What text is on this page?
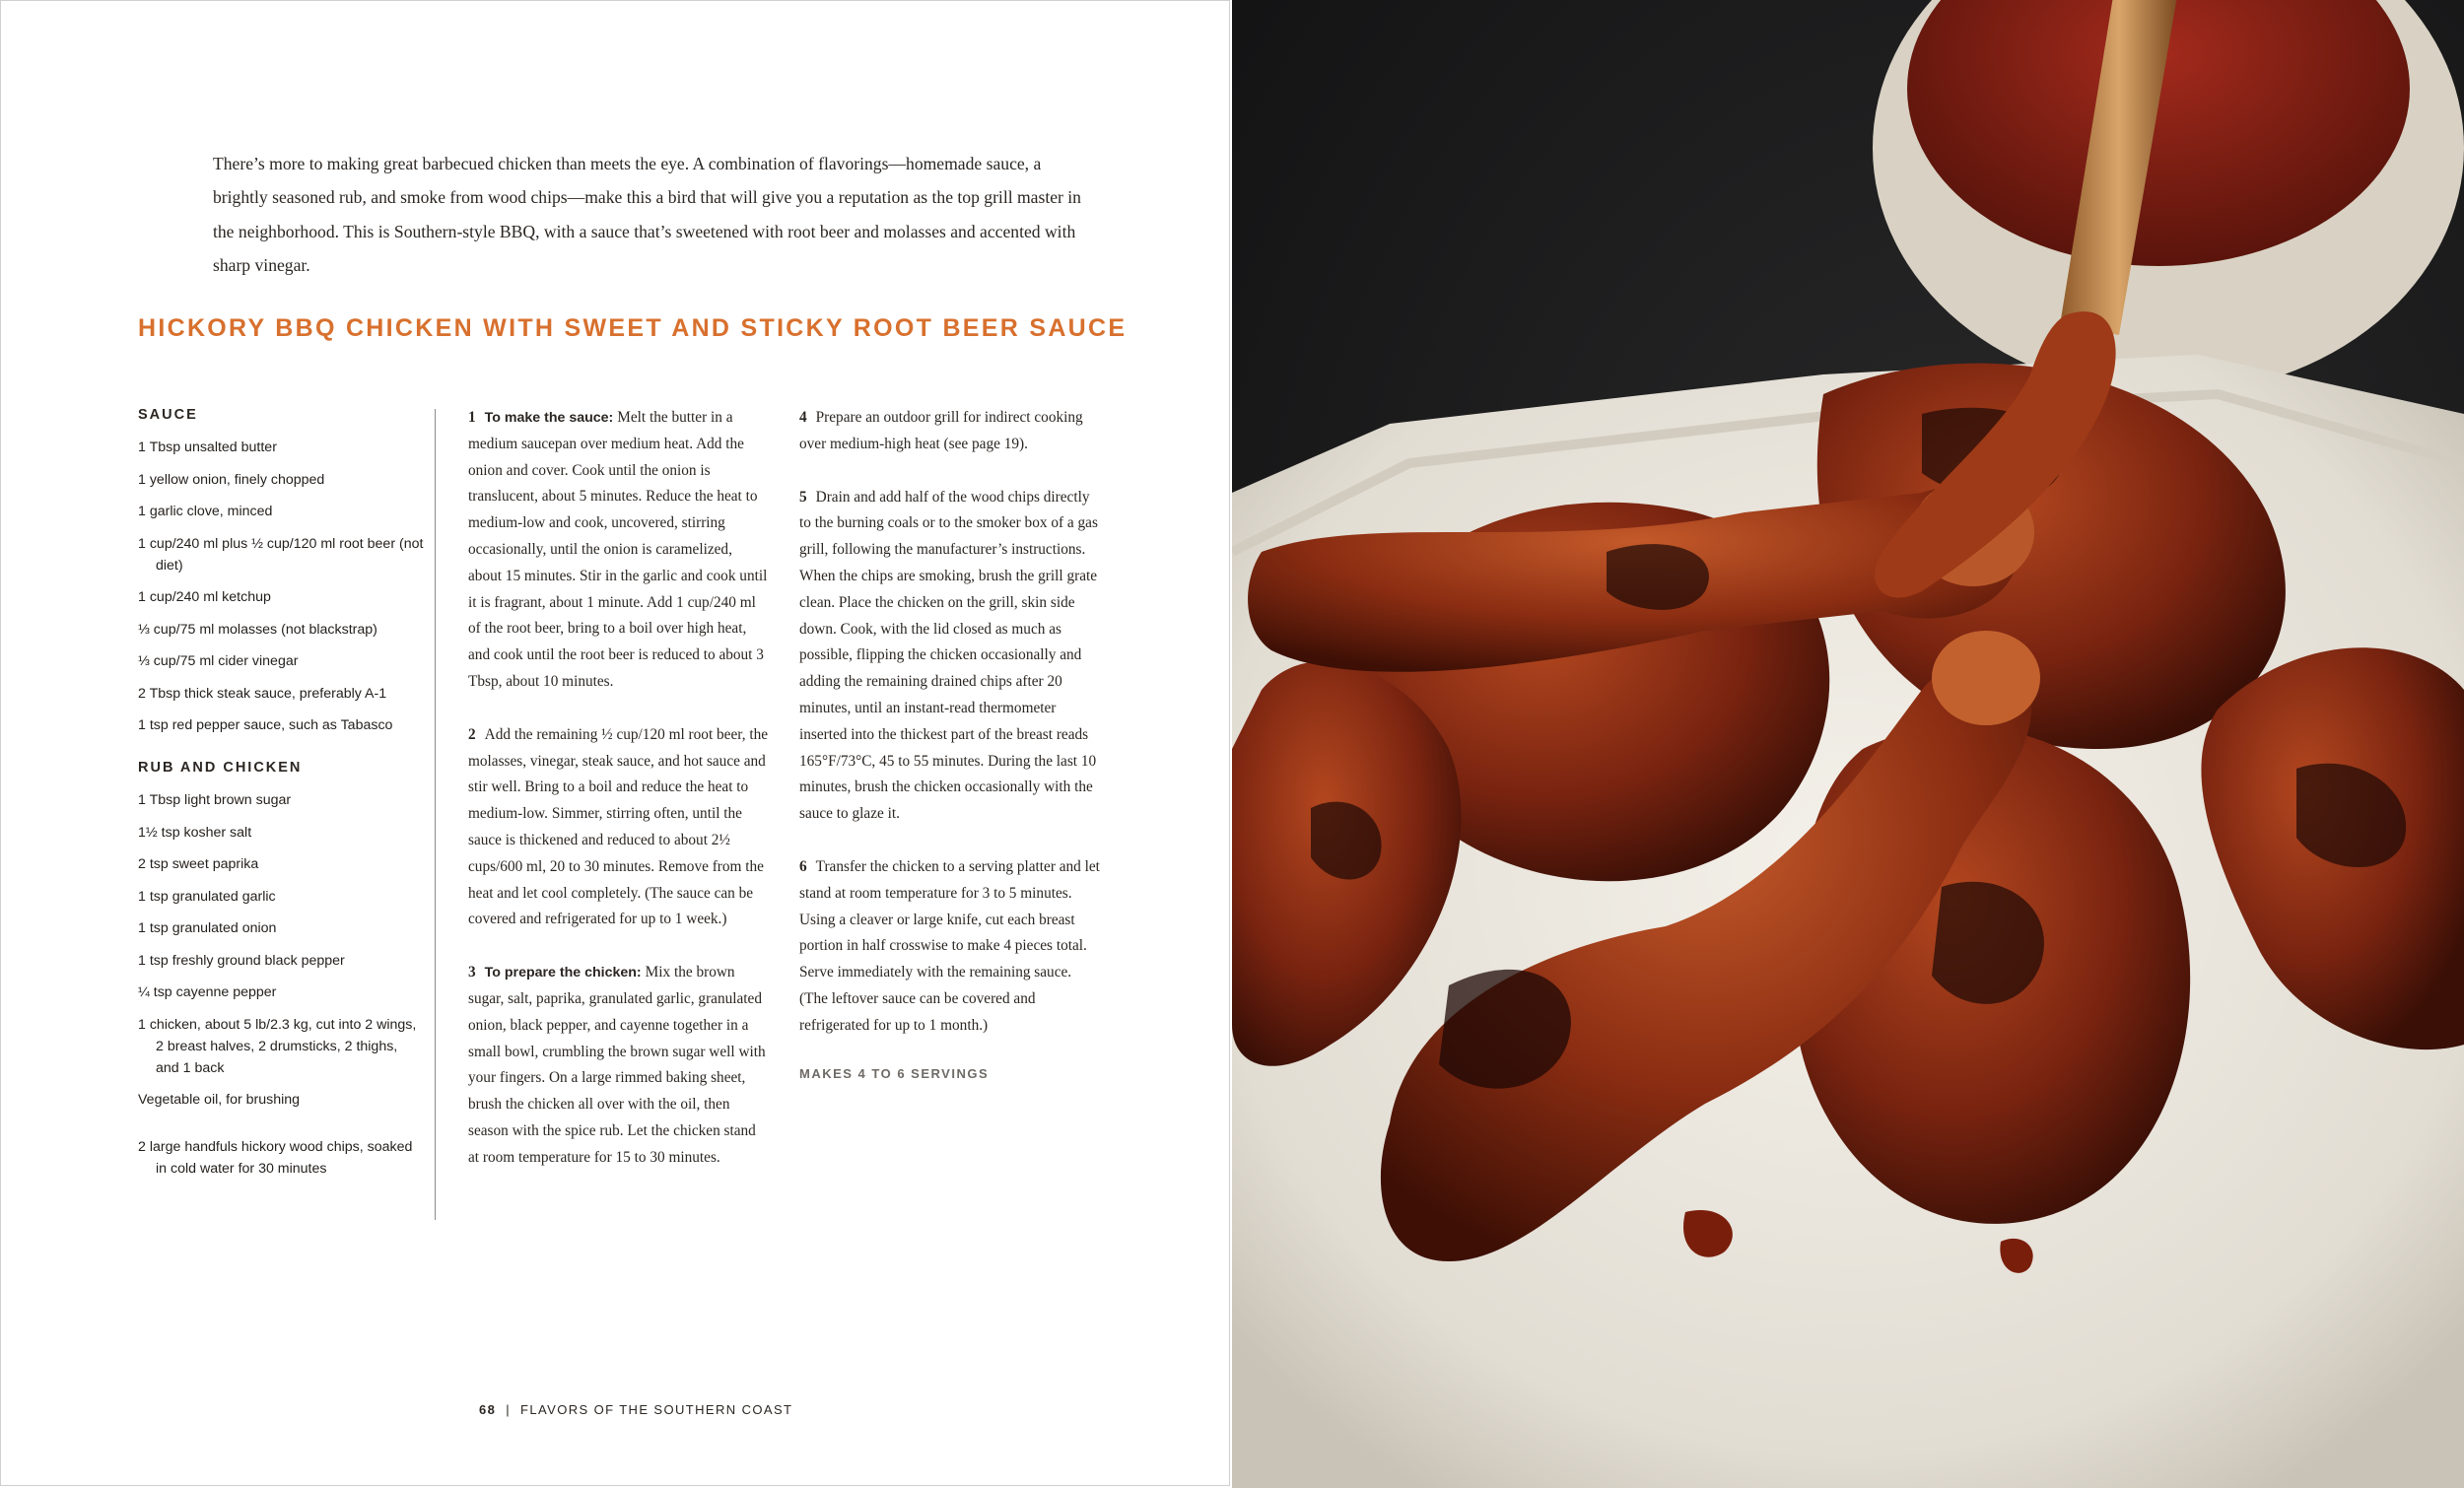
There’s more to making great barbecued chicken than meets the eye. A combination of flavorings—homemade sauce, a brightly seasoned rub, and smoke from wood chips—make this a bird that will give you a reputation as the top grill master in the neighborhood. This is Southern-style BBQ, with a sauce that’s sweetened with root beer and molasses and accented with sharp vinegar.

HICKORY BBQ CHICKEN WITH SWEET AND STICKY ROOT BEER SAUCE
SAUCE
1 Tbsp unsalted butter
1 yellow onion, finely chopped
1 garlic clove, minced
1 cup/240 ml plus ½ cup/120 ml root beer (not diet)
1 cup/240 ml ketchup
⅓ cup/75 ml molasses (not blackstrap)
⅓ cup/75 ml cider vinegar
2 Tbsp thick steak sauce, preferably A-1
1 tsp red pepper sauce, such as Tabasco
RUB AND CHICKEN
1 Tbsp light brown sugar
1½ tsp kosher salt
2 tsp sweet paprika
1 tsp granulated garlic
1 tsp granulated onion
1 tsp freshly ground black pepper
¼ tsp cayenne pepper
1 chicken, about 5 lb/2.3 kg, cut into 2 wings, 2 breast halves, 2 drumsticks, 2 thighs, and 1 back
Vegetable oil, for brushing
2 large handfuls hickory wood chips, soaked in cold water for 30 minutes

1 To make the sauce: Melt the butter in a medium saucepan over medium heat. Add the onion and cover. Cook until the onion is translucent, about 5 minutes. Reduce the heat to medium-low and cook, uncovered, stirring occasionally, until the onion is caramelized, about 15 minutes. Stir in the garlic and cook until it is fragrant, about 1 minute. Add 1 cup/240 ml of the root beer, bring to a boil over high heat, and cook until the root beer is reduced to about 3 Tbsp, about 10 minutes.

2 Add the remaining ½ cup/120 ml root beer, the molasses, vinegar, steak sauce, and hot sauce and stir well. Bring to a boil and reduce the heat to medium-low. Simmer, stirring often, until the sauce is thickened and reduced to about 2½ cups/600 ml, 20 to 30 minutes. Remove from the heat and let cool completely. (The sauce can be covered and refrigerated for up to 1 week.)

3 To prepare the chicken: Mix the brown sugar, salt, paprika, granulated garlic, granulated onion, black pepper, and cayenne together in a small bowl, crumbling the brown sugar well with your fingers. On a large rimmed baking sheet, brush the chicken all over with the oil, then season with the spice rub. Let the chicken stand at room temperature for 15 to 30 minutes.

4 Prepare an outdoor grill for indirect cooking over medium-high heat (see page 19).

5 Drain and add half of the wood chips directly to the burning coals or to the smoker box of a gas grill, following the manufacturer’s instructions. When the chips are smoking, brush the grill grate clean. Place the chicken on the grill, skin side down. Cook, with the lid closed as much as possible, flipping the chicken occasionally and adding the remaining drained chips after 20 minutes, until an instant-read thermometer inserted into the thickest part of the breast reads 165°F/73°C, 45 to 55 minutes. During the last 10 minutes, brush the chicken occasionally with the sauce to glaze it.

6 Transfer the chicken to a serving platter and let stand at room temperature for 3 to 5 minutes. Using a cleaver or large knife, cut each breast portion in half crosswise to make 4 pieces total. Serve immediately with the remaining sauce. (The leftover sauce can be covered and refrigerated for up to 1 month.)

MAKES 4 TO 6 SERVINGS
68 | FLAVORS OF THE SOUTHERN COAST
